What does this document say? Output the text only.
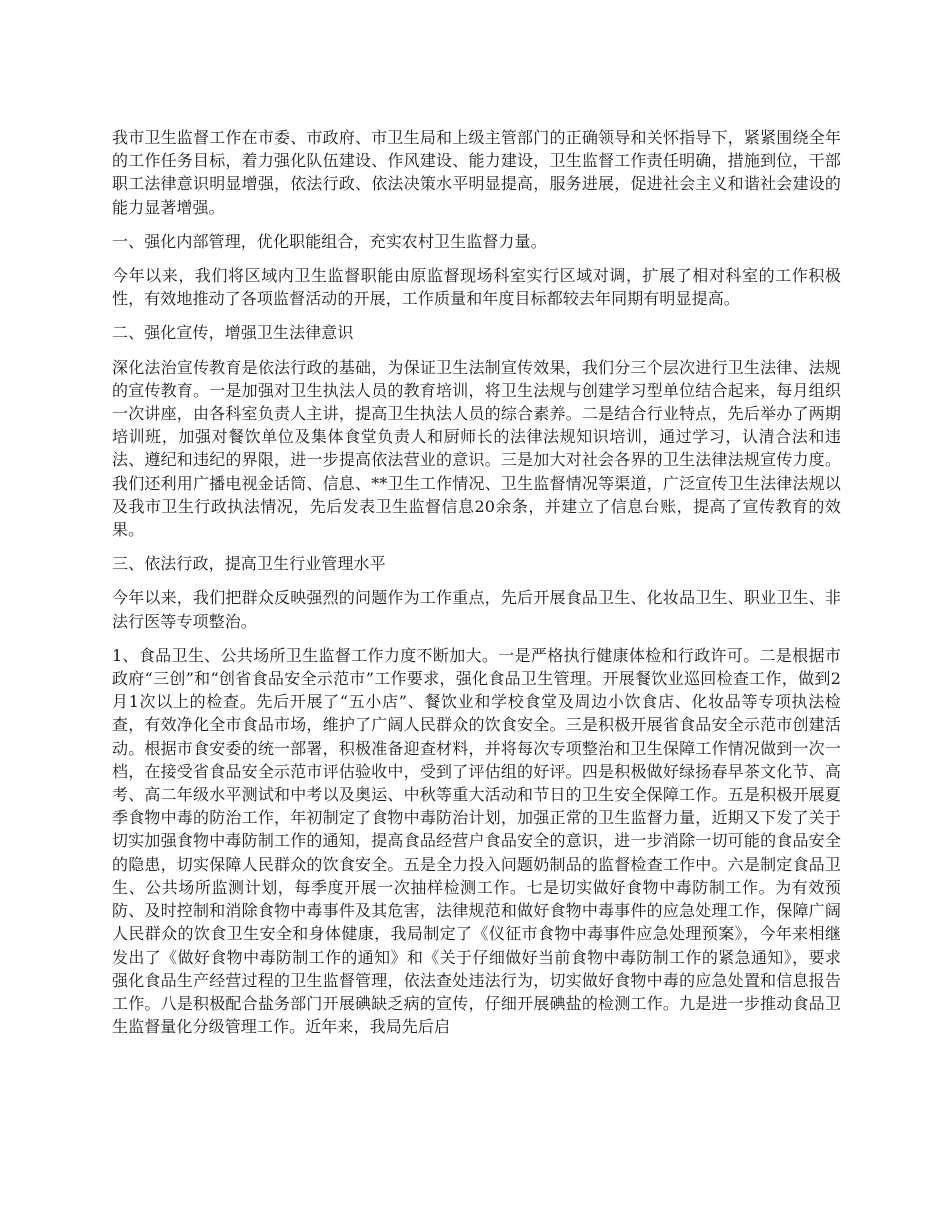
我市卫生监督工作在市委、市政府、市卫生局和上级主管部门的正确领导和关怀指导下，紧紧围绕全年的工作任务目标，着力强化队伍建设、作风建设、能力建设，卫生监督工作责任明确，措施到位，干部职工法律意识明显增强，依法行政、依法决策水平明显提高，服务进展，促进社会主义和谐社会建设的能力显著增强。

一、强化内部管理，优化职能组合，充实农村卫生监督力量。

今年以来，我们将区域内卫生监督职能由原监督现场科室实行区域对调，扩展了相对科室的工作积极性，有效地推动了各项监督活动的开展，工作质量和年度目标都较去年同期有明显提高。

二、强化宣传，增强卫生法律意识

深化法治宣传教育是依法行政的基础，为保证卫生法制宣传效果，我们分三个层次进行卫生法律、法规的宣传教育。一是加强对卫生执法人员的教育培训，将卫生法规与创建学习型单位结合起来，每月组织一次讲座，由各科室负责人主讲，提高卫生执法人员的综合素养。二是结合行业特点，先后举办了两期培训班，加强对餐饮单位及集体食堂负责人和厨师长的法律法规知识培训，通过学习，认清合法和违法、遵纪和违纪的界限，进一步提高依法营业的意识。三是加大对社会各界的卫生法律法规宣传力度。我们还利用广播电视金话筒、信息、**卫生工作情况、卫生监督情况等渠道，广泛宣传卫生法律法规以及我市卫生行政执法情况，先后发表卫生监督信息20余条，并建立了信息台账，提高了宣传教育的效果。

三、依法行政，提高卫生行业管理水平

今年以来，我们把群众反映强烈的问题作为工作重点，先后开展食品卫生、化妆品卫生、职业卫生、非法行医等专项整治。

1、食品卫生、公共场所卫生监督工作力度不断加大。一是严格执行健康体检和行政许可。二是根据市政府“三创”和“创省食品安全示范市”工作要求，强化食品卫生管理。开展餐饮业巡回检查工作，做到2月1次以上的检查。先后开展了“五小店”、餐饮业和学校食堂及周边小饮食店、化妆品等专项执法检查，有效净化全市食品市场，维护了广阔人民群众的饮食安全。三是积极开展省食品安全示范市创建活动。根据市食安委的统一部署，积极准备迎查材料，并将每次专项整治和卫生保障工作情况做到一次一档，在接受省食品安全示范市评估验收中，受到了评估组的好评。四是积极做好绿扬春早茶文化节、高考、高二年级水平测试和中考以及奥运、中秋等重大活动和节日的卫生安全保障工作。五是积极开展夏季食物中毒的防治工作，年初制定了食物中毒防治计划，加强正常的卫生监督力量，近期又下发了关于切实加强食物中毒防制工作的通知，提高食品经营户食品安全的意识，进一步消除一切可能的食品安全的隐患，切实保障人民群众的饮食安全。五是全力投入问题奶制品的监督检查工作中。六是制定食品卫生、公共场所监测计划，每季度开展一次抽样检测工作。七是切实做好食物中毒防制工作。为有效预防、及时控制和消除食物中毒事件及其危害，法律规范和做好食物中毒事件的应急处理工作，保障广阔人民群众的饮食卫生安全和身体健康，我局制定了《仪征市食物中毒事件应急处理预案》，今年来相继发出了《做好食物中毒防制工作的通知》和《关于仔细做好当前食物中毒防制工作的紧急通知》，要求强化食品生产经营过程的卫生监督管理，依法查处违法行为，切实做好食物中毒的应急处置和信息报告工作。八是积极配合盐务部门开展碘缺乏病的宣传，仔细开展碘盐的检测工作。九是进一步推动食品卫生监督量化分级管理工作。近年来，我局先后启
